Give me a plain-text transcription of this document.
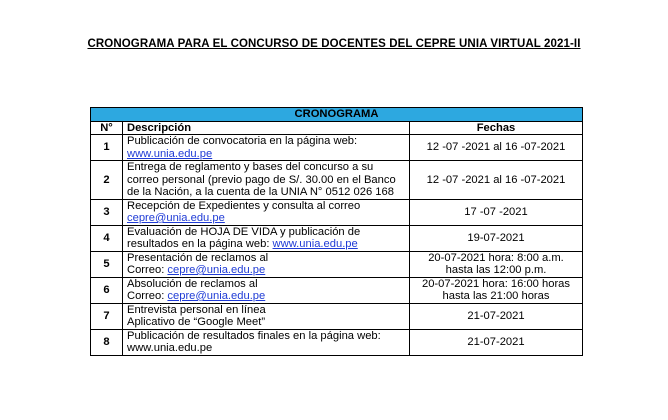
CRONOGRAMA PARA EL CONCURSO DE DOCENTES DEL CEPRE UNIA VIRTUAL 2021-II
CRONOGRAMA		
N°	Descripción	Fechas
1	Publicación de convocatoria en la página web:
www.unia.edu.pe	12 -07 -2021 al 16 -07-2021

2	Entrega de reglamento y bases del concurso a su
correo personal (previo pago de S/. 30.00 en el Banco
de la Nación, a la cuenta de la UNIA N° 0512 026 168	12 -07 -2021 al 16 -07-2021

3	Recepción de Expedientes y consulta al correo
cepre@unia.edu.pe	17 -07 -2021

4	Evaluación de HOJA DE VIDA y publicación de
resultados en la página web: www.unia.edu.pe	19-07-2021

5	Presentación de reclamos al
Correo: cepre@unia.edu.pe	20-07-2021 hora: 8:00 a.m.
hasta las 12:00 p.m.

6	Absolución de reclamos al
Correo: cepre@unia.edu.pe	20-07-2021 hora: 16:00 horas
hasta las 21:00 horas

7	Entrevista personal en línea
Aplicativo de “Google Meet”	21-07-2021

8	Publicación de resultados finales en la página web:
www.unia.edu.pe	21-07-2021
